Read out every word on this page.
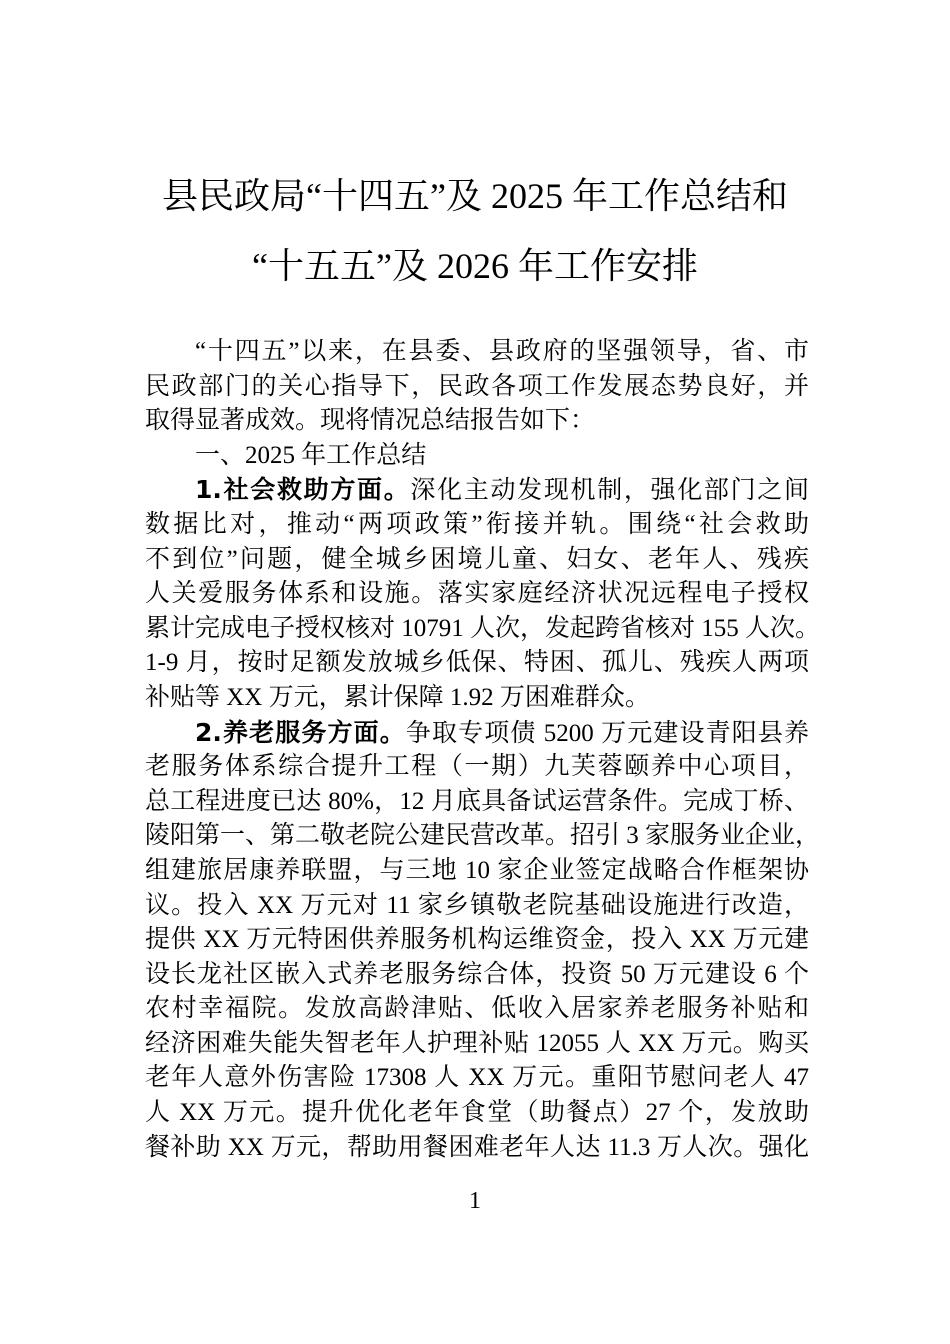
县民政局“十四五”及 2025 年工作总结和
“十五五”及 2026 年工作安排
“十四五”以来，在县委、县政府的坚强领导，省、市
民政部门的关心指导下，民政各项工作发展态势良好，并
取得显著成效。现将情况总结报告如下：
一、2025 年工作总结
1.社会救助方面。深化主动发现机制，强化部门之间
数据比对，推动“两项政策”衔接并轨。围绕“社会救助
不到位”问题，健全城乡困境儿童、妇女、老年人、残疾
人关爱服务体系和设施。落实家庭经济状况远程电子授权
累计完成电子授权核对 10791 人次，发起跨省核对 155 人次。
1-9 月，按时足额发放城乡低保、特困、孤儿、残疾人两项
补贴等 XX 万元，累计保障 1.92 万困难群众。
2.养老服务方面。争取专项债 5200 万元建设青阳县养
老服务体系综合提升工程（一期）九芙蓉颐养中心项目，
总工程进度已达 80%，12 月底具备试运营条件。完成丁桥、
陵阳第一、第二敬老院公建民营改革。招引 3 家服务业企业，
组建旅居康养联盟，与三地 10 家企业签定战略合作框架协
议。投入 XX 万元对 11 家乡镇敬老院基础设施进行改造，
提供 XX 万元特困供养服务机构运维资金，投入 XX 万元建
设长龙社区嵌入式养老服务综合体，投资 50 万元建设 6 个
农村幸福院。发放高龄津贴、低收入居家养老服务补贴和
经济困难失能失智老年人护理补贴 12055 人 XX 万元。购买
老年人意外伤害险 17308 人 XX 万元。重阳节慰问老人 47
人 XX 万元。提升优化老年食堂（助餐点）27 个，发放助
餐补助 XX 万元，帮助用餐困难老年人达 11.3 万人次。强化
1
